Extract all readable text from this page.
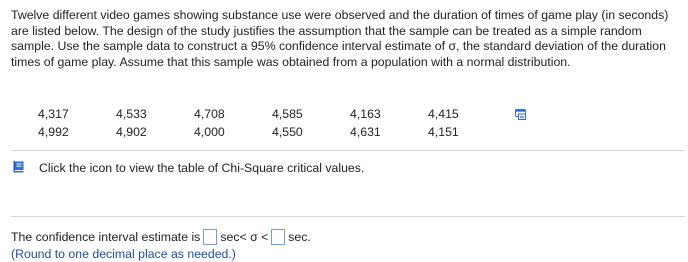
Twelve different video games showing substance use were observed and the duration of times of game play (in seconds) are listed below. The design of the study justifies the assumption that the sample can be treated as a simple random sample. Use the sample data to construct a 95% confidence interval estimate of σ, the standard deviation of the duration times of game play. Assume that this sample was obtained from a population with a normal distribution.

4,317	4,533	4,708	4,585	4,163	4,415
4,992	4,902	4,000	4,550	4,631	4,151
Click the icon to view the table of Chi-Square critical values.
The confidence interval estimate is sec < σ < sec.
(Round to one decimal place as needed.)
